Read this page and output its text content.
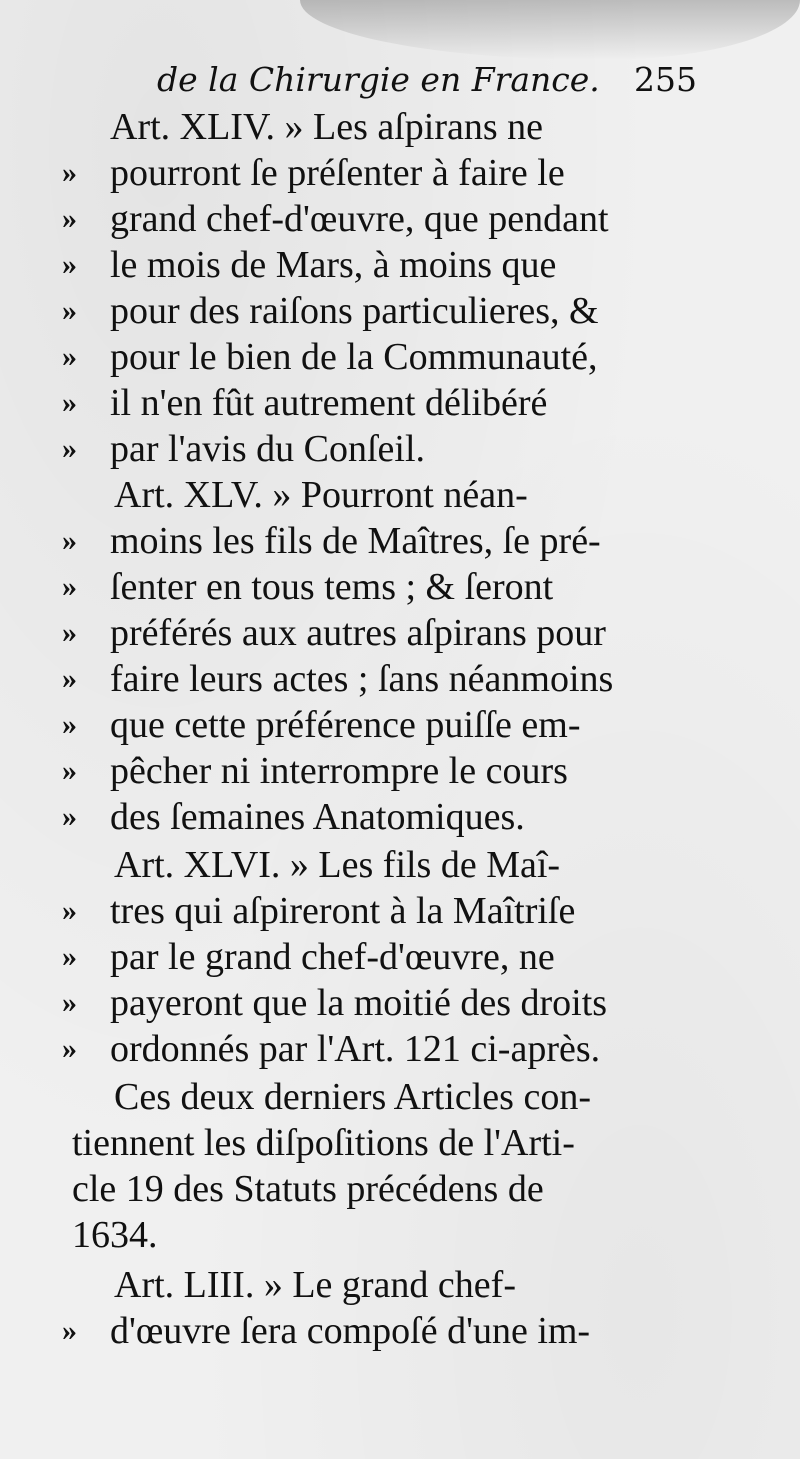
de la Chirurgie en France. 255
Art. XLIV. » Les aſpirans ne
» pourront ſe préſenter à faire le
» grand chef-d'œuvre, que pendant
» le mois de Mars, à moins que
» pour des raiſons particulieres, &
» pour le bien de la Communauté,
» il n'en fût autrement délibéré
» par l'avis du Conſeil.
Art. XLV. » Pourront néan-
» moins les fils de Maîtres, ſe pré-
» ſenter en tous tems ; & ſeront
» préférés aux autres aſpirans pour
» faire leurs actes ; ſans néanmoins
» que cette préférence puiſſe em-
» pêcher ni interrompre le cours
» des ſemaines Anatomiques.
Art. XLVI. » Les fils de Maî-
» tres qui aſpireront à la Maîtriſe
» par le grand chef-d'œuvre, ne
» payeront que la moitié des droits
» ordonnés par l'Art. 121 ci-après.
Ces deux derniers Articles con-
tiennent les diſpoſitions de l'Arti-
cle 19 des Statuts précédens de
1634.
Art. LIII. » Le grand chef-
» d'œuvre ſera compoſé d'une im-
